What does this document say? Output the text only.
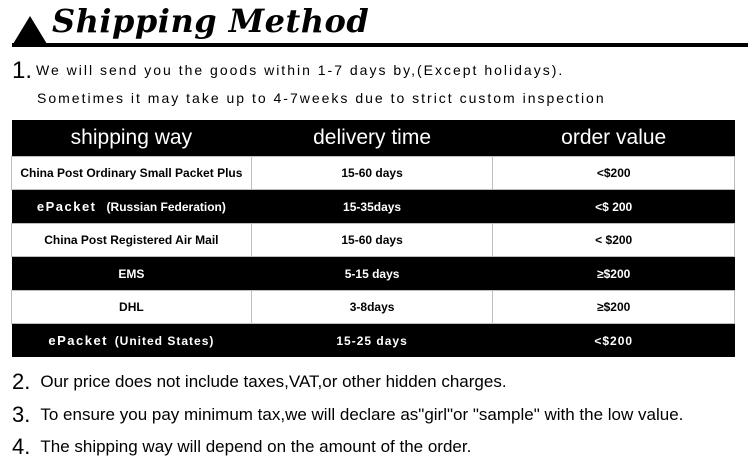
Shipping Method
1. We will send you the goods within 1-7 days by,(Except holidays).
Sometimes it may take up to 4-7weeks due to strict custom inspection
shipping way	delivery time	order value
China Post Ordinary Small Packet Plus	15-60 days	<$200
ePacket (Russian Federation)	15-35days	<$ 200
China Post Registered Air Mail	15-60 days	< $200
EMS	5-15 days	≥$200
DHL	3-8days	≥$200
ePacket (United States)	15-25 days	<$200
2. Our price does not include taxes,VAT,or other hidden charges.
3. To ensure you pay minimum tax,we will declare as"girl"or "sample" with the low value.
4. The shipping way will depend on the amount of the order.
